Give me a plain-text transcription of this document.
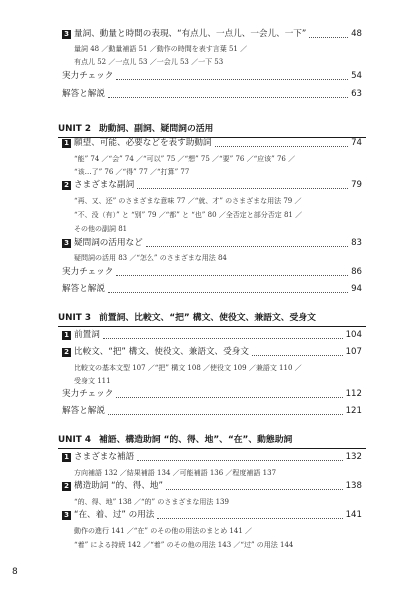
3 量詞、動量と時間の表現、“有点儿、一点儿、一会儿、一下”	48
量詞 48 ／動量補語 51 ／動作の時間を表す言葉 51 ／
有点儿 52 ／一点儿 53 ／一会儿 53 ／一下 53
実力チェック	54
解答と解説	63
UNIT 2 助動詞、副詞、疑問詞の活用
1 願望、可能、必要などを表す助動詞	74
“能” 74 ／“会” 74 ／“可以” 75 ／“想” 75 ／“要” 76 ／“应该” 76 ／
“该…了” 76 ／“得” 77 ／“打算” 77
2 さまざまな副詞	79
“再、又、还” のさまざまな意味 77 ／“就、才” のさまざまな用法 79 ／
“不、没（有）” と “别” 79 ／“都” と “也” 80 ／全否定と部分否定 81 ／
その他の副詞 81
3 疑問詞の活用など	83
疑問詞の活用 83 ／“怎么” のさまざまな用法 84
実力チェック	86
解答と解説	94
UNIT 3 前置詞、比較文、“把” 構文、使役文、兼語文、受身文
1 前置詞	104
2 比較文、“把” 構文、使役文、兼語文、受身文	107
比較文の基本文型 107 ／“把” 構文 108 ／使役文 109 ／兼語文 110 ／
受身文 111
実力チェック	112
解答と解説	121
UNIT 4 補語、構造助詞 “的、得、地”、“在”、動態助詞
1 さまざまな補語	132
方向補語 132 ／結果補語 134 ／可能補語 136 ／程度補語 137
2 構造助詞 “的、得、地”	138
“的、得、地” 138 ／“的” のさまざまな用法 139
3 “在、着、过” の用法	141
動作の進行 141 ／“在” のその他の用法のまとめ 141 ／
“着” による持続 142 ／“着” のその他の用法 143 ／“过” の用法 144
8
